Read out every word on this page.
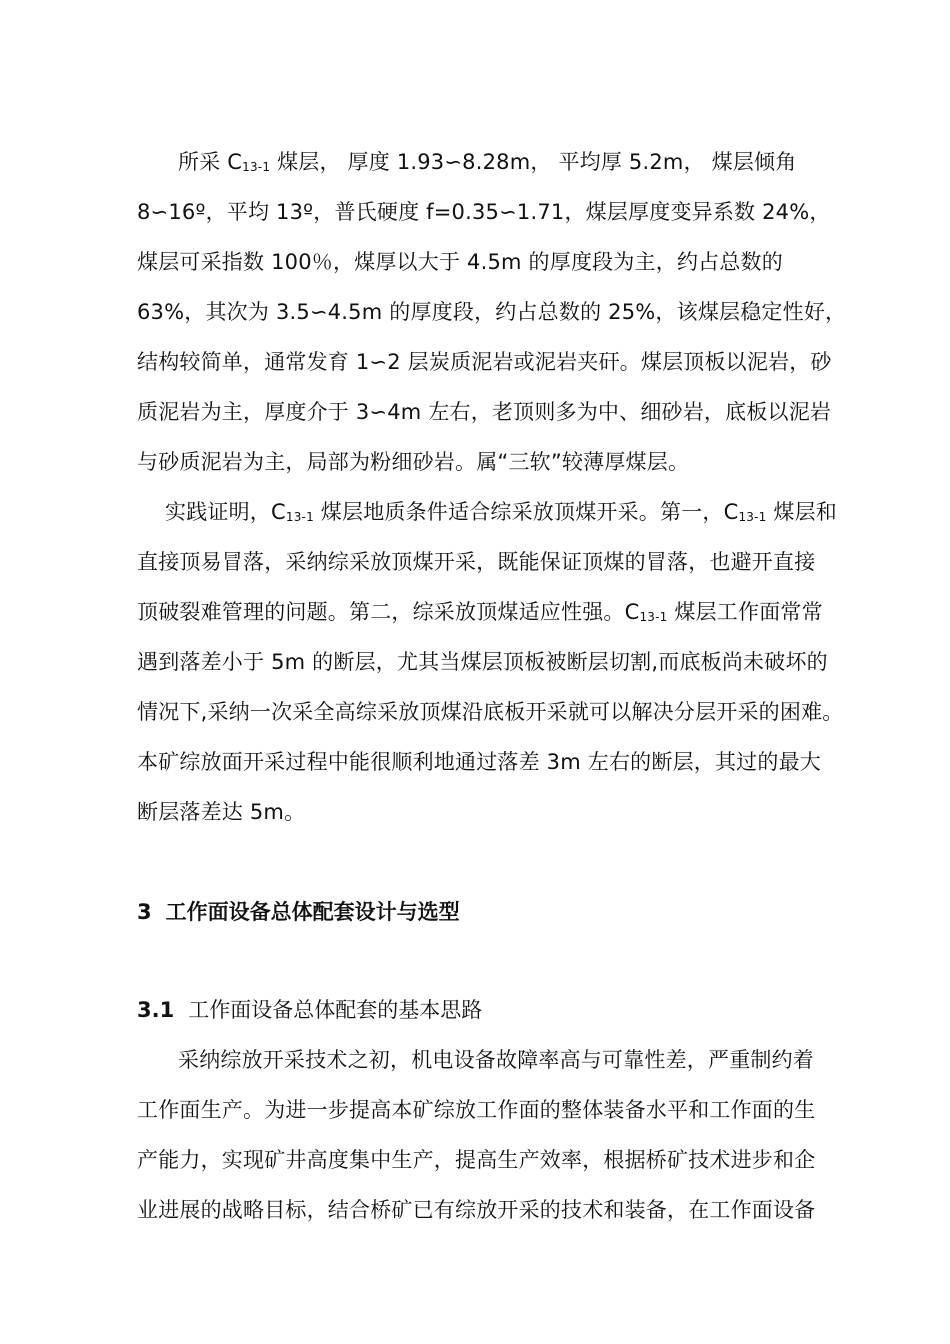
所采 $C_{13-1}$ 煤层， 厚度 1.93∽8.28m， 平均厚 5.2m， 煤层倾角
8∽16º，平均 13º，普氏硬度 f=0.35∽1.71，煤层厚度变异系数 24%，
煤层可采指数 100％，煤厚以大于 4.5m 的厚度段为主，约占总数的
63%，其次为 3.5∽4.5m 的厚度段，约占总数的 25%，该煤层稳定性好，
结构较简单，通常发育 1∽2 层炭质泥岩或泥岩夹矸。煤层顶板以泥岩，砂
质泥岩为主，厚度介于 3∽4m 左右，老顶则多为中、细砂岩，底板以泥岩
与砂质泥岩为主，局部为粉细砂岩。属“三软”较薄厚煤层。
实践证明，$C_{13-1}$ 煤层地质条件适合综采放顶煤开采。第一，$C_{13-1}$ 煤层和
直接顶易冒落，采纳综采放顶煤开采，既能保证顶煤的冒落，也避开直接
顶破裂难管理的问题。第二，综采放顶煤适应性强。$C_{13-1}$ 煤层工作面常常
遇到落差小于 5m 的断层，尤其当煤层顶板被断层切割,而底板尚未破坏的
情况下,采纳一次采全高综采放顶煤沿底板开采就可以解决分层开采的困难。
本矿综放面开采过程中能很顺利地通过落差 3m 左右的断层，其过的最大
断层落差达 5m。
3 工作面设备总体配套设计与选型
3.1 工作面设备总体配套的基本思路
采纳综放开采技术之初，机电设备故障率高与可靠性差，严重制约着
工作面生产。为进一步提高本矿综放工作面的整体装备水平和工作面的生
产能力，实现矿井高度集中生产，提高生产效率，根据桥矿技术进步和企
业进展的战略目标，结合桥矿已有综放开采的技术和装备，在工作面设备
